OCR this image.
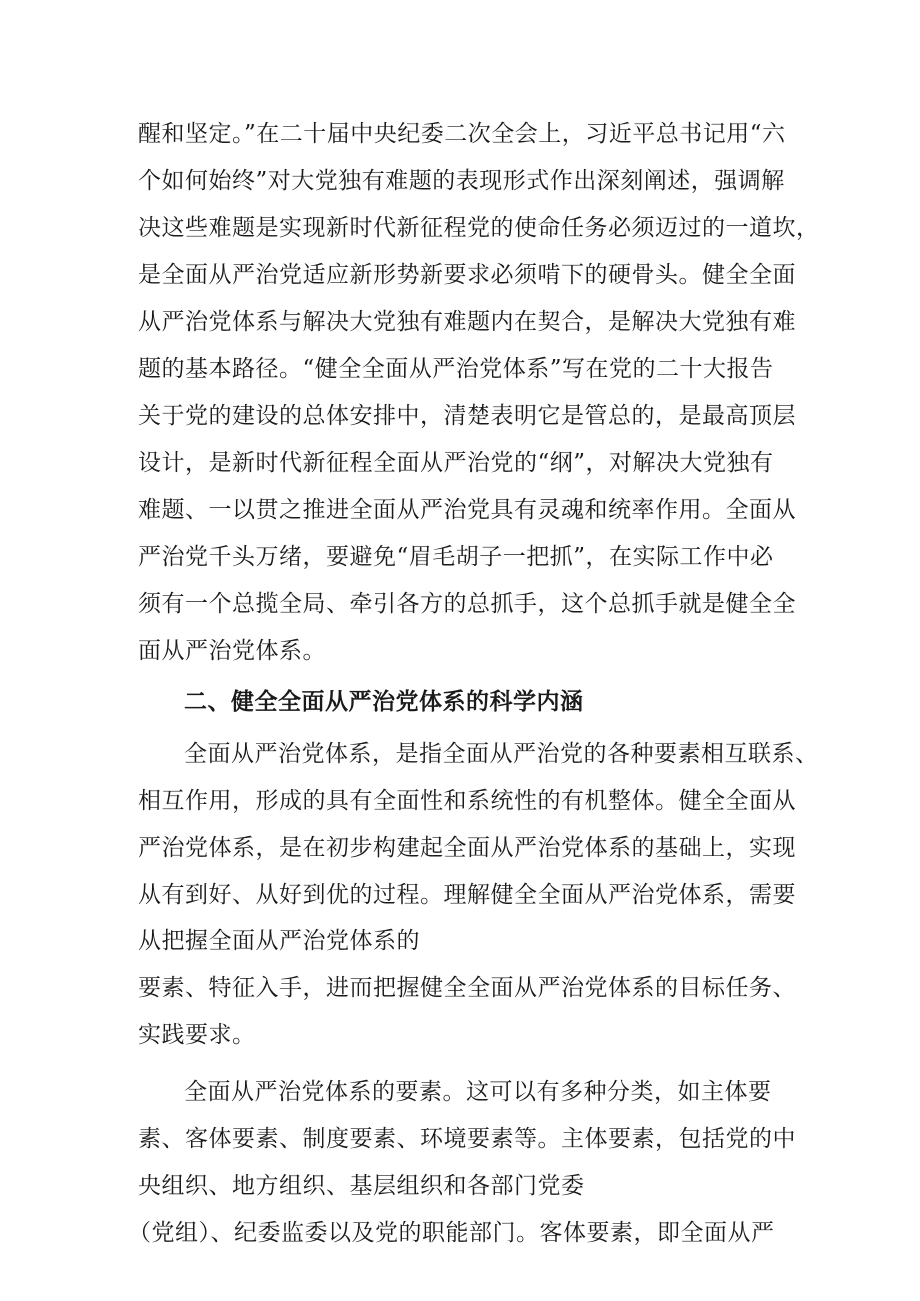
醒和坚定。”在二十届中央纪委二次全会上，习近平总书记用“六
个如何始终”对大党独有难题的表现形式作出深刻阐述，强调解
决这些难题是实现新时代新征程党的使命任务必须迈过的一道坎，
是全面从严治党适应新形势新要求必须啃下的硬骨头。健全全面
从严治党体系与解决大党独有难题内在契合，是解决大党独有难
题的基本路径。“健全全面从严治党体系”写在党的二十大报告
关于党的建设的总体安排中，清楚表明它是管总的，是最高顶层
设计，是新时代新征程全面从严治党的“纲”，对解决大党独有
难题、一以贯之推进全面从严治党具有灵魂和统率作用。全面从
严治党千头万绪，要避免“眉毛胡子一把抓”，在实际工作中必
须有一个总揽全局、牵引各方的总抓手，这个总抓手就是健全全
面从严治党体系。
二、健全全面从严治党体系的科学内涵
全面从严治党体系，是指全面从严治党的各种要素相互联系、
相互作用，形成的具有全面性和系统性的有机整体。健全全面从
严治党体系，是在初步构建起全面从严治党体系的基础上，实现
从有到好、从好到优的过程。理解健全全面从严治党体系，需要
从把握全面从严治党体系的
要素、特征入手，进而把握健全全面从严治党体系的目标任务、
实践要求。
全面从严治党体系的要素。这可以有多种分类，如主体要
素、客体要素、制度要素、环境要素等。主体要素，包括党的中
央组织、地方组织、基层组织和各部门党委
（党组）、纪委监委以及党的职能部门。客体要素，即全面从严
